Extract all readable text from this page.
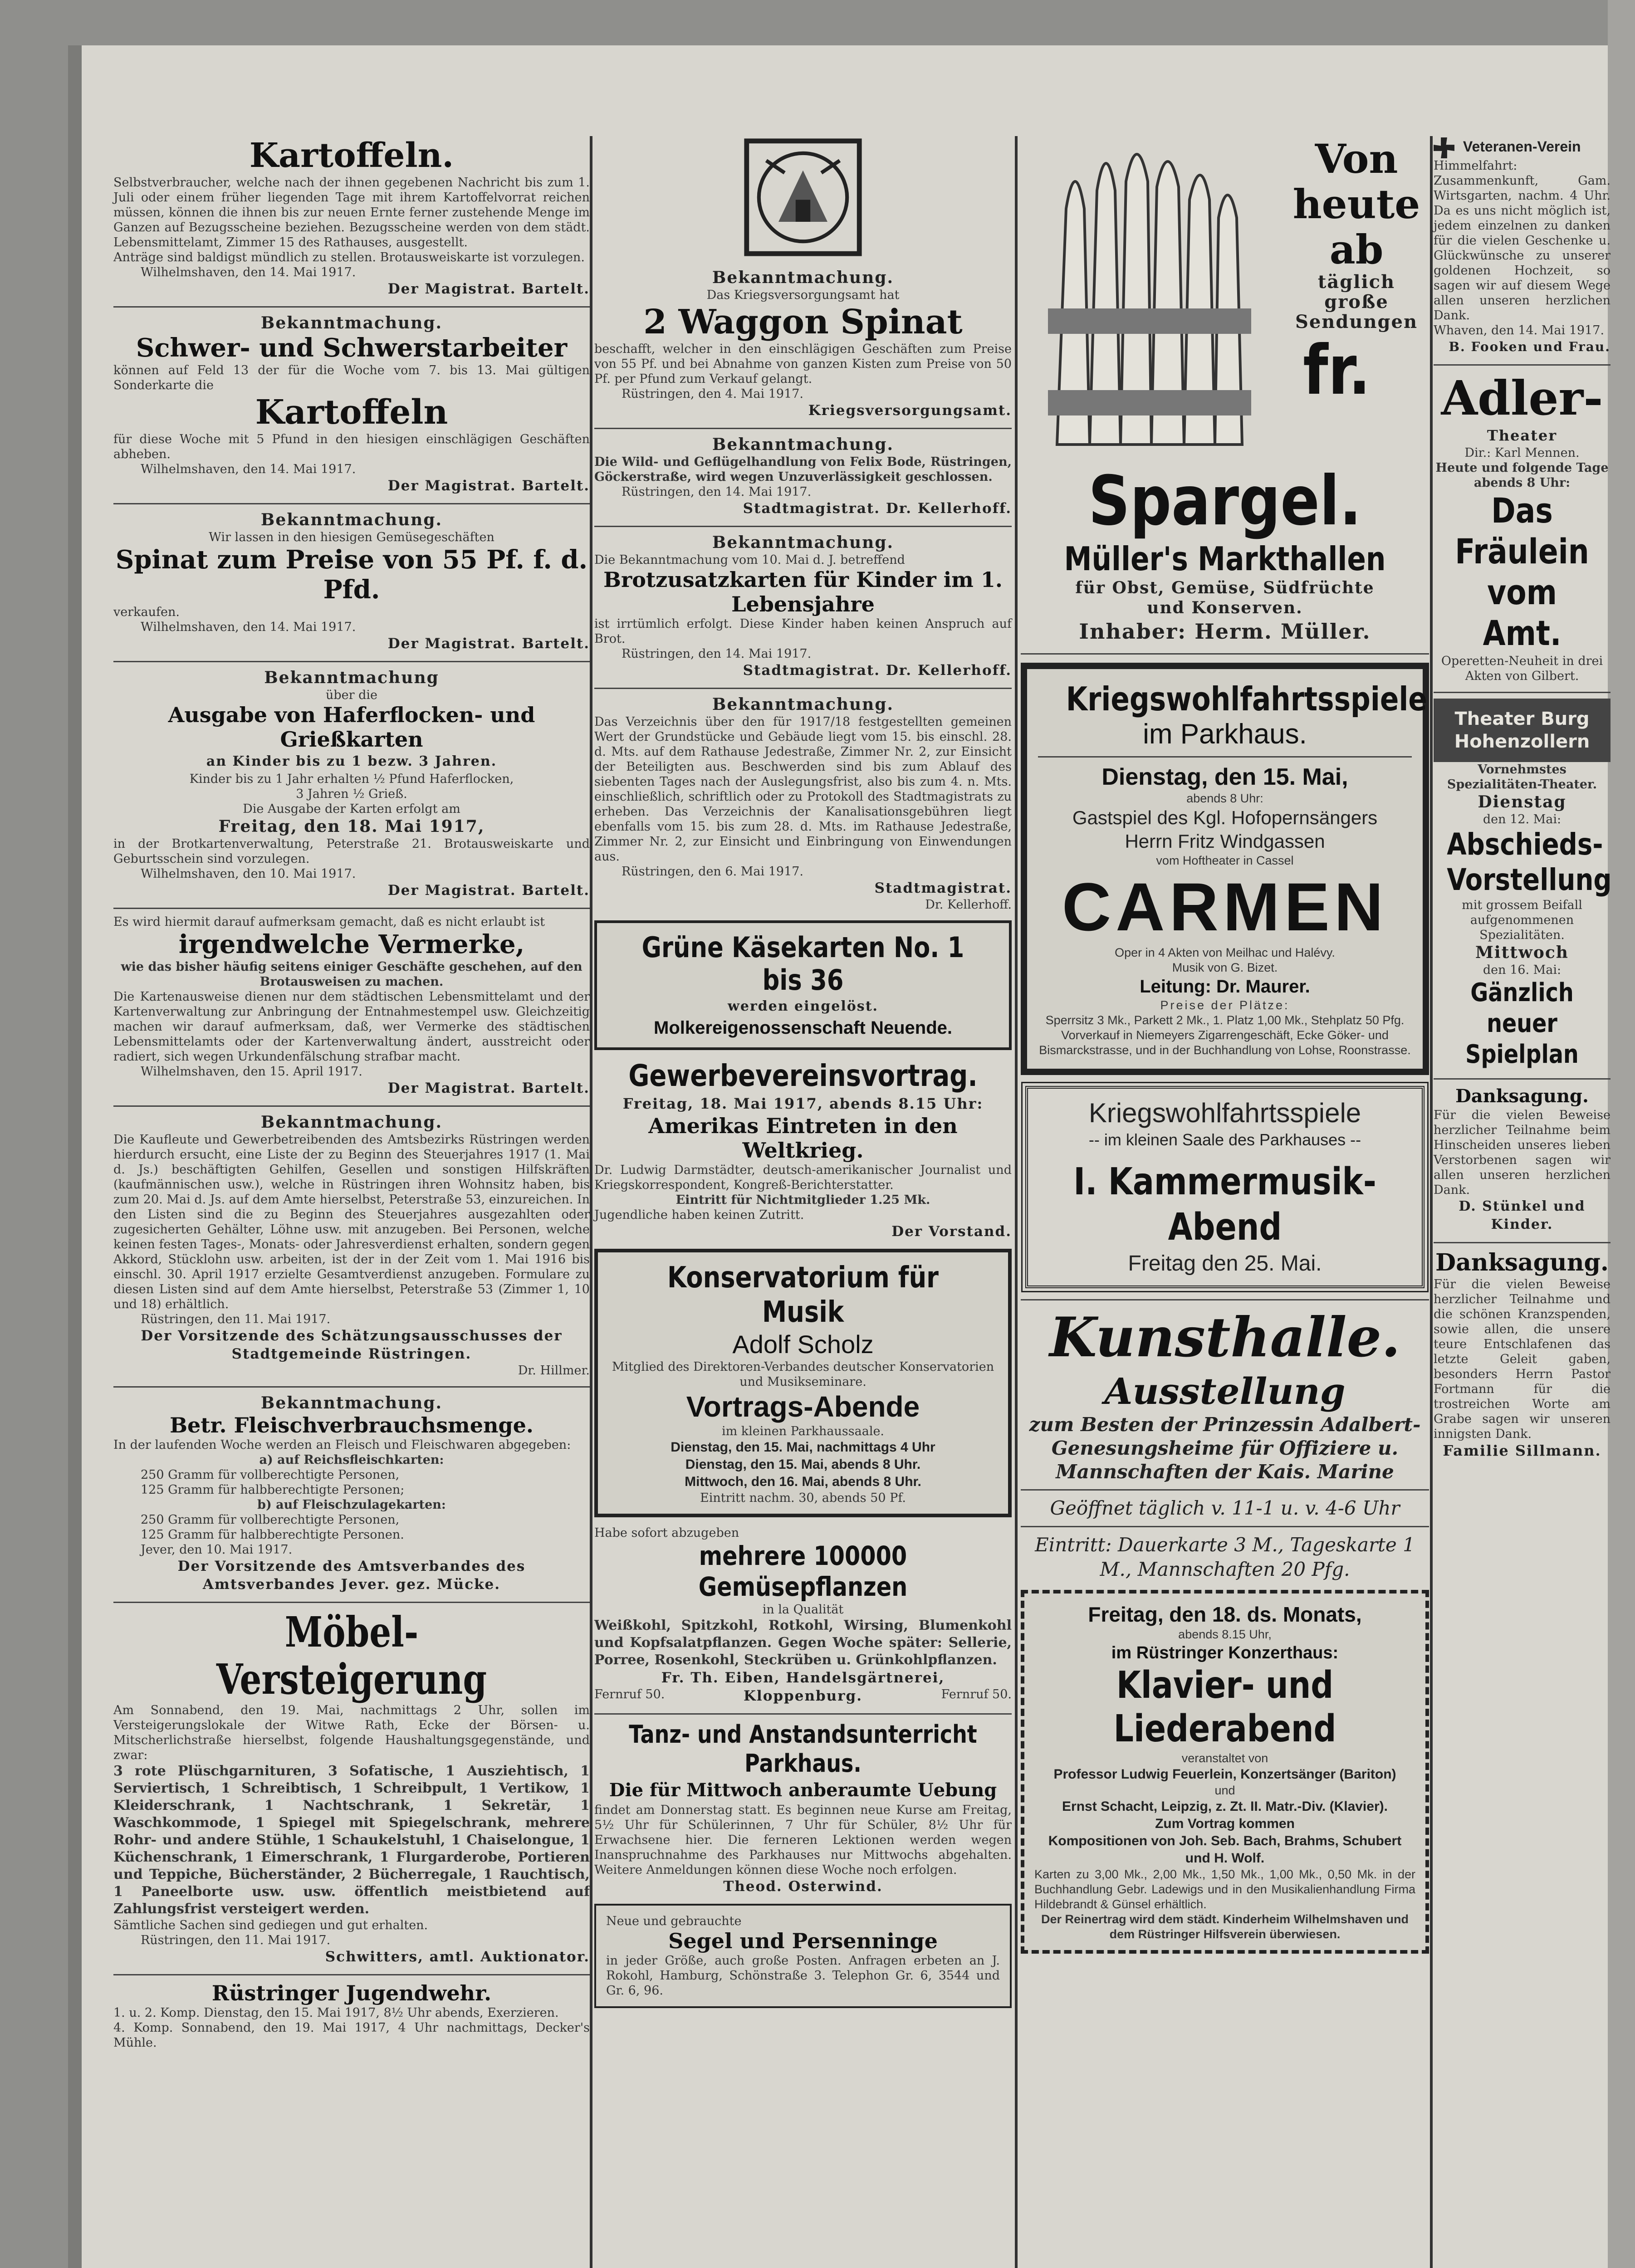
Kartoffeln.
Selbstverbraucher, welche nach der ihnen gegebenen Nachricht bis zum 1. Juli oder einem früher liegenden Tage mit ihrem Kartoffelvorrat reichen müssen, können die ihnen bis zur neuen Ernte ferner zustehende Menge im Ganzen auf Bezugsscheine beziehen. Bezugsscheine werden von dem städt. Lebensmittelamt, Zimmer 15 des Rathauses, ausgestellt.
Anträge sind baldigst mündlich zu stellen. Brotausweiskarte ist vorzulegen.
Wilhelmshaven, den 14. Mai 1917.
Der Magistrat. Bartelt.
Bekanntmachung.
Schwer- und Schwerstarbeiter
können auf Feld 13 der für die Woche vom 7. bis 13. Mai gültigen Sonderkarte die
Kartoffeln
für diese Woche mit 5 Pfund in den hiesigen einschlägigen Geschäften abheben.
Wilhelmshaven, den 14. Mai 1917.
Der Magistrat. Bartelt.
Bekanntmachung.
Wir lassen in den hiesigen Gemüsegeschäften
Spinat zum Preise von 55 Pf. f. d. Pfd.
verkaufen.
Wilhelmshaven, den 14. Mai 1917.
Der Magistrat. Bartelt.
Bekanntmachung
über die
Ausgabe von Haferflocken- und Grießkarten
an Kinder bis zu 1 bezw. 3 Jahren.
Kinder bis zu 1 Jahr erhalten ½ Pfund Haferflocken,
3 Jahren ½ Grieß.
Die Ausgabe der Karten erfolgt am
Freitag, den 18. Mai 1917,
in der Brotkartenverwaltung, Peterstraße 21. Brotausweiskarte und Geburtsschein sind vorzulegen.
Wilhelmshaven, den 10. Mai 1917.
Der Magistrat. Bartelt.
Es wird hiermit darauf aufmerksam gemacht, daß es nicht erlaubt ist
irgendwelche Vermerke,
wie das bisher häufig seitens einiger Geschäfte geschehen, auf den Brotausweisen zu machen.
Die Kartenausweise dienen nur dem städtischen Lebensmittelamt und der Kartenverwaltung zur Anbringung der Entnahmestempel usw. Gleichzeitig machen wir darauf aufmerksam, daß, wer Vermerke des städtischen Lebensmittelamts oder der Kartenverwaltung ändert, ausstreicht oder radiert, sich wegen Urkundenfälschung strafbar macht.
Wilhelmshaven, den 15. April 1917.
Der Magistrat. Bartelt.
Bekanntmachung.
Die Kaufleute und Gewerbetreibenden des Amtsbezirks Rüstringen werden hierdurch ersucht, eine Liste der zu Beginn des Steuerjahres 1917 (1. Mai d. Js.) beschäftigten Gehilfen, Gesellen und sonstigen Hilfskräften (kaufmännischen usw.), welche in Rüstringen ihren Wohnsitz haben, bis zum 20. Mai d. Js. auf dem Amte hierselbst, Peterstraße 53, einzureichen. In den Listen sind die zu Beginn des Steuerjahres ausgezahlten oder zugesicherten Gehälter, Löhne usw. mit anzugeben. Bei Personen, welche keinen festen Tages-, Monats- oder Jahresverdienst erhalten, sondern gegen Akkord, Stücklohn usw. arbeiten, ist der in der Zeit vom 1. Mai 1916 bis einschl. 30. April 1917 erzielte Gesamtverdienst anzugeben. Formulare zu diesen Listen sind auf dem Amte hierselbst, Peterstraße 53 (Zimmer 1, 10 und 18) erhältlich.
Rüstringen, den 11. Mai 1917.
Der Vorsitzende des Schätzungsausschusses der Stadtgemeinde Rüstringen.
Dr. Hillmer.
Bekanntmachung.
Betr. Fleischverbrauchsmenge.
In der laufenden Woche werden an Fleisch und Fleischwaren abgegeben:
a) auf Reichsfleischkarten:
250 Gramm für vollberechtigte Personen,
125 Gramm für halbberechtigte Personen;
b) auf Fleischzulagekarten:
250 Gramm für vollberechtigte Personen,
125 Gramm für halbberechtigte Personen.
Jever, den 10. Mai 1917.
Der Vorsitzende des Amtsverbandes des Amtsverbandes Jever. gez. Mücke.
Möbel-Versteigerung
Am Sonnabend, den 19. Mai, nachmittags 2 Uhr, sollen im Versteigerungslokale der Witwe Rath, Ecke der Börsen- u. Mitscherlichstraße hierselbst, folgende Haushaltungsgegenstände, und zwar:
3 rote Plüschgarnituren, 3 Sofatische, 1 Ausziehtisch, 1 Serviertisch, 1 Schreibtisch, 1 Schreibpult, 1 Vertikow, 1 Kleiderschrank, 1 Nachtschrank, 1 Sekretär, 1 Waschkommode, 1 Spiegel mit Spiegelschrank, mehrere Rohr- und andere Stühle, 1 Schaukelstuhl, 1 Chaiselongue, 1 Küchenschrank, 1 Eimerschrank, 1 Flurgarderobe, Portieren und Teppiche, Bücherständer, 2 Bücherregale, 1 Rauchtisch, 1 Paneelborte usw. usw. öffentlich meistbietend auf Zahlungsfrist versteigert werden.
Sämtliche Sachen sind gediegen und gut erhalten.
Rüstringen, den 11. Mai 1917.
Schwitters, amtl. Auktionator.
Rüstringer Jugendwehr.
1. u. 2. Komp. Dienstag, den 15. Mai 1917, 8½ Uhr abends, Exerzieren.
4. Komp. Sonnabend, den 19. Mai 1917, 4 Uhr nachmittags, Decker's Mühle.
Bekanntmachung.
Das Kriegsversorgungsamt hat
2 Waggon Spinat
beschafft, welcher in den einschlägigen Geschäften zum Preise von 55 Pf. und bei Abnahme von ganzen Kisten zum Preise von 50 Pf. per Pfund zum Verkauf gelangt.
Rüstringen, den 4. Mai 1917.
Kriegsversorgungsamt.
Bekanntmachung.
Die Wild- und Geflügelhandlung von Felix Bode, Rüstringen, Göckerstraße, wird wegen Unzuverlässigkeit geschlossen.
Rüstringen, den 14. Mai 1917.
Stadtmagistrat. Dr. Kellerhoff.
Bekanntmachung.
Die Bekanntmachung vom 10. Mai d. J. betreffend
Brotzusatzkarten für Kinder im 1. Lebensjahre
ist irrtümlich erfolgt. Diese Kinder haben keinen Anspruch auf Brot.
Rüstringen, den 14. Mai 1917.
Stadtmagistrat. Dr. Kellerhoff.
Bekanntmachung.
Das Verzeichnis über den für 1917/18 festgestellten gemeinen Wert der Grundstücke und Gebäude liegt vom 15. bis einschl. 28. d. Mts. auf dem Rathause Jedestraße, Zimmer Nr. 2, zur Einsicht der Beteiligten aus. Beschwerden sind bis zum Ablauf des siebenten Tages nach der Auslegungsfrist, also bis zum 4. n. Mts. einschließlich, schriftlich oder zu Protokoll des Stadtmagistrats zu erheben. Das Verzeichnis der Kanalisationsgebühren liegt ebenfalls vom 15. bis zum 28. d. Mts. im Rathause Jedestraße, Zimmer Nr. 2, zur Einsicht und Einbringung von Einwendungen aus.
Rüstringen, den 6. Mai 1917.
Stadtmagistrat.
Dr. Kellerhoff.
Grüne Käsekarten No. 1 bis 36
werden eingelöst.
Molkereigenossenschaft Neuende.
Gewerbevereinsvortrag.
Freitag, 18. Mai 1917, abends 8.15 Uhr:
Amerikas Eintreten in den Weltkrieg.
Dr. Ludwig Darmstädter, deutsch-amerikanischer Journalist und Kriegskorrespondent, Kongreß-Berichterstatter.
Eintritt für Nichtmitglieder 1.25 Mk.
Jugendliche haben keinen Zutritt.
Der Vorstand.
Konservatorium für Musik
Adolf Scholz
Mitglied des Direktoren-Verbandes deutscher Konservatorien und Musikseminare.
Vortrags-Abende
im kleinen Parkhaussaale.
Dienstag, den 15. Mai, nachmittags 4 Uhr
Dienstag, den 15. Mai, abends 8 Uhr.
Mittwoch, den 16. Mai, abends 8 Uhr.
Eintritt nachm. 30, abends 50 Pf.
Habe sofort abzugeben
mehrere 100000 Gemüsepflanzen
in la Qualität
Weißkohl, Spitzkohl, Rotkohl, Wirsing, Blumenkohl und Kopfsalatpflanzen. Gegen Woche später: Sellerie, Porree, Rosenkohl, Steckrüben u. Grünkohlpflanzen.
Fr. Th. Eiben, Handelsgärtnerei,
Fernruf 50.	Kloppenburg.	Fernruf 50.
Tanz- und Anstandsunterricht Parkhaus.
Die für Mittwoch anberaumte Uebung
findet am Donnerstag statt. Es beginnen neue Kurse am Freitag, 5½ Uhr für Schülerinnen, 7 Uhr für Schüler, 8½ Uhr für Erwachsene hier. Die ferneren Lektionen werden wegen Inanspruchnahme des Parkhauses nur Mittwochs abgehalten. Weitere Anmeldungen können diese Woche noch erfolgen.
Theod. Osterwind.
Neue und gebrauchte
Segel und Persenninge
in jeder Größe, auch große Posten. Anfragen erbeten an J. Rokohl, Hamburg, Schönstraße 3. Telephon Gr. 6, 3544 und Gr. 6, 96.
Von heute ab
täglich große Sendungen
fr. Spargel.
Müller's Markthallen
für Obst, Gemüse, Südfrüchte
und Konserven.
Inhaber: Herm. Müller.
Kriegswohlfahrtsspiele
im Parkhaus.
Dienstag, den 15. Mai,
abends 8 Uhr:
Gastspiel des Kgl. Hofopernsängers
Herrn Fritz Windgassen
vom Hoftheater in Cassel
CARMEN
Oper in 4 Akten von Meilhac und Halévy.
Musik von G. Bizet.
Leitung: Dr. Maurer.
Preise der Plätze:
Sperrsitz 3 Mk., Parkett 2 Mk., 1. Platz 1,00 Mk., Stehplatz 50 Pfg. Vorverkauf in Niemeyers Zigarrengeschäft, Ecke Göker- und Bismarckstrasse, und in der Buchhandlung von Lohse, Roonstrasse.
Kriegswohlfahrtsspiele
-- im kleinen Saale des Parkhauses --
I. Kammermusik-Abend
Freitag den 25. Mai.
Kunsthalle.
Ausstellung
zum Besten der Prinzessin Adalbert-Genesungsheime für Offiziere u. Mannschaften der Kais. Marine
Geöffnet täglich v. 11-1 u. v. 4-6 Uhr
Eintritt: Dauerkarte 3 M., Tageskarte 1 M., Mannschaften 20 Pfg.
Freitag, den 18. ds. Monats,
abends 8.15 Uhr,
im Rüstringer Konzerthaus:
Klavier- und Liederabend
veranstaltet von
Professor Ludwig Feuerlein, Konzertsänger (Bariton)
und
Ernst Schacht, Leipzig, z. Zt. II. Matr.-Div. (Klavier).
Zum Vortrag kommen
Kompositionen von Joh. Seb. Bach, Brahms, Schubert und H. Wolf.
Karten zu 3,00 Mk., 2,00 Mk., 1,50 Mk., 1,00 Mk., 0,50 Mk. in der Buchhandlung Gebr. Ladewigs und in den Musikalienhandlung Firma Hildebrandt & Günsel erhältlich.
Der Reinertrag wird dem städt. Kinderheim Wilhelmshaven und dem Rüstringer Hilfsverein überwiesen.
Veteranen-Verein
Himmelfahrt: Zusammenkunft, Gam. Wirtsgarten, nachm. 4 Uhr. Da es uns nicht möglich ist, jedem einzelnen zu danken für die vielen Geschenke u. Glückwünsche zu unserer goldenen Hochzeit, so sagen wir auf diesem Wege allen unseren herzlichen Dank.
Whaven, den 14. Mai 1917.
B. Fooken und Frau.
Adler-
Theater
Dir.: Karl Mennen.
Heute und folgende Tage abends 8 Uhr:
Das Fräulein vom Amt.
Operetten-Neuheit in drei Akten von Gilbert.
Theater Burg Hohenzollern
Vornehmstes Spezialitäten-Theater.
Dienstag
den 12. Mai:
Abschieds-Vorstellung
mit grossem Beifall aufgenommenen Spezialitäten.
Mittwoch
den 16. Mai:
Gänzlich neuer Spielplan
Danksagung.
Für die vielen Beweise herzlicher Teilnahme beim Hinscheiden unseres lieben Verstorbenen sagen wir allen unseren herzlichen Dank.
D. Stünkel und Kinder.
Danksagung.
Für die vielen Beweise herzlicher Teilnahme und die schönen Kranzspenden, sowie allen, die unsere teure Entschlafenen das letzte Geleit gaben, besonders Herrn Pastor Fortmann für die trostreichen Worte am Grabe sagen wir unseren innigsten Dank.
Familie Sillmann.
